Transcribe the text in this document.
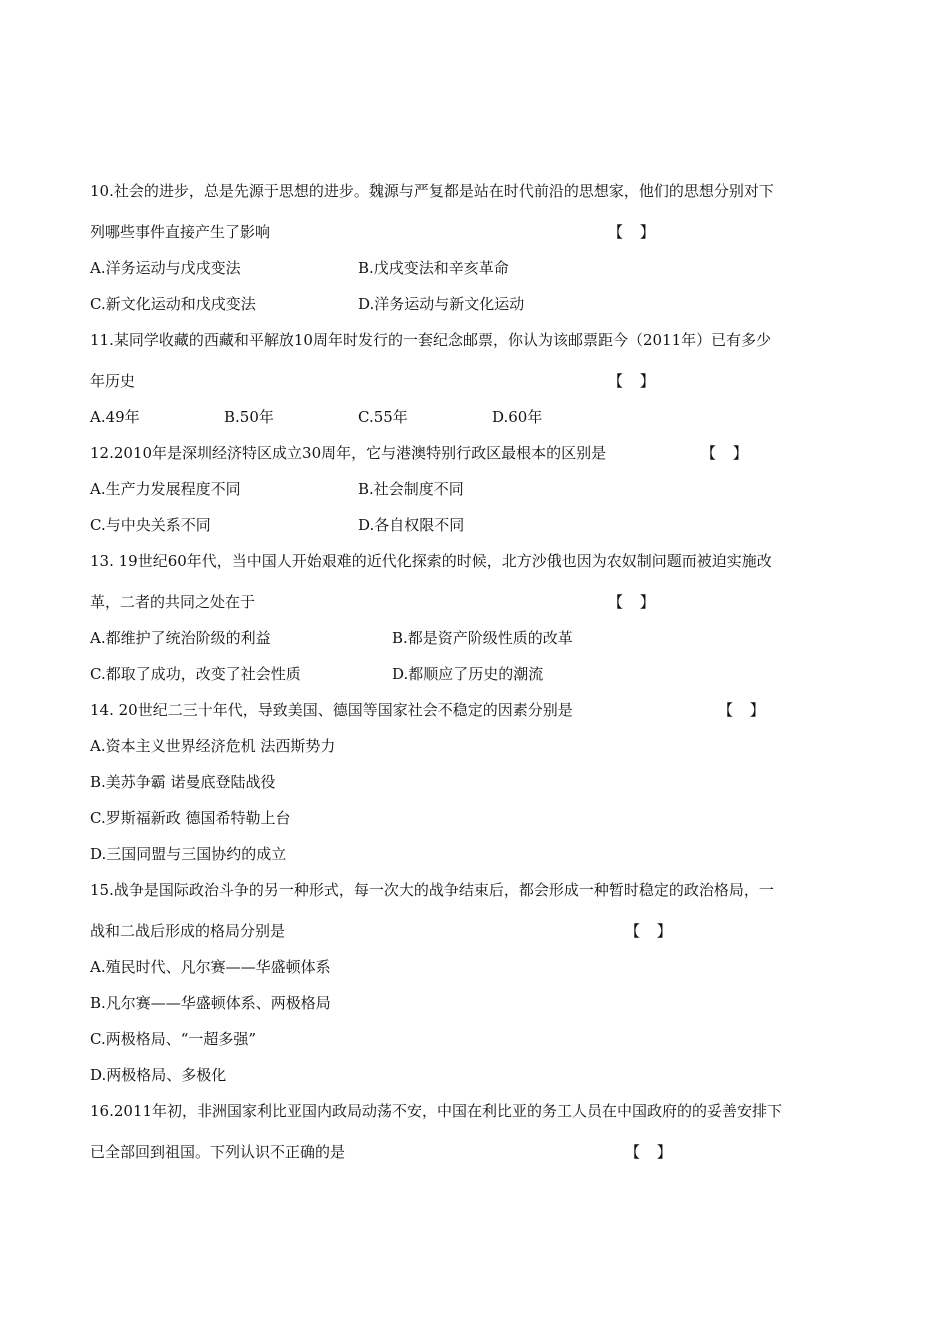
10.社会的进步，总是先源于思想的进步。魏源与严复都是站在时代前沿的思想家，他们的思想分别对下
列哪些事件直接产生了影响	【 】
A.洋务运动与戊戌变法	B.戊戌变法和辛亥革命
C.新文化运动和戊戌变法	D.洋务运动与新文化运动
11.某同学收藏的西藏和平解放10周年时发行的一套纪念邮票，你认为该邮票距今（2011年）已有多少
年历史	【 】
A.49年	B.50年	C.55年	D.60年
12.2010年是深圳经济特区成立30周年，它与港澳特别行政区最根本的区别是	【 】
A.生产力发展程度不同	B.社会制度不同
C.与中央关系不同	D.各自权限不同
13. 19世纪60年代，当中国人开始艰难的近代化探索的时候，北方沙俄也因为农奴制问题而被迫实施改
革，二者的共同之处在于	【 】
A.都维护了统治阶级的利益	B.都是资产阶级性质的改革
C.都取了成功，改变了社会性质	D.都顺应了历史的潮流
14. 20世纪二三十年代，导致美国、德国等国家社会不稳定的因素分别是	【 】
A.资本主义世界经济危机 法西斯势力
B.美苏争霸 诺曼底登陆战役
C.罗斯福新政 德国希特勒上台
D.三国同盟与三国协约的成立
15.战争是国际政治斗争的另一种形式，每一次大的战争结束后，都会形成一种暂时稳定的政治格局，一
战和二战后形成的格局分别是	【 】
A.殖民时代、凡尔赛——华盛顿体系
B.凡尔赛——华盛顿体系、两极格局
C.两极格局、“一超多强”
D.两极格局、多极化
16.2011年初，非洲国家利比亚国内政局动荡不安，中国在利比亚的务工人员在中国政府的的妥善安排下
已全部回到祖国。下列认识不正确的是	【 】
